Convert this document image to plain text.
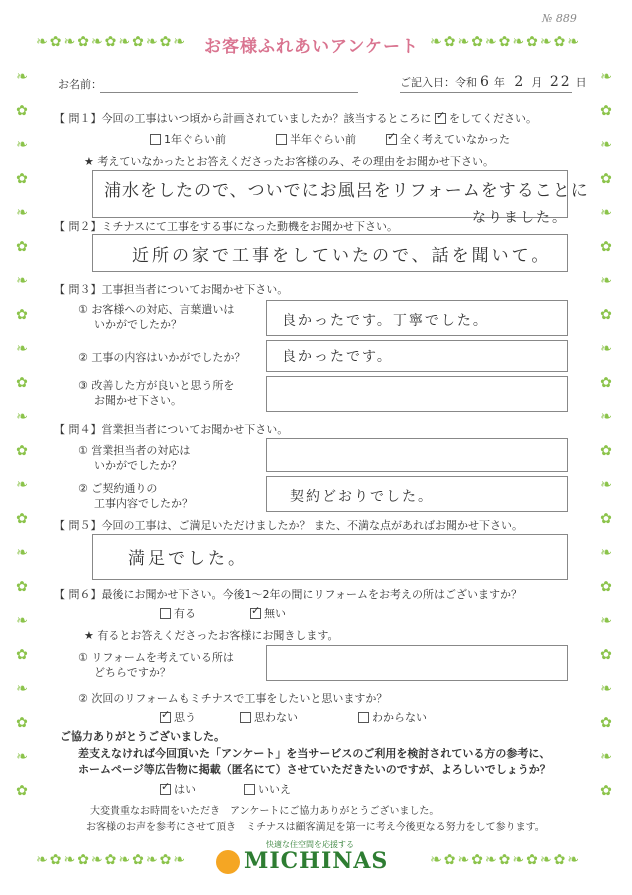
❧✿❧✿❧✿❧✿❧✿❧	❧✿❧✿❧✿❧✿❧✿❧
❧
✿
❧
✿
❧
✿
❧
✿
❧
✿
❧
✿
❧
✿
❧
✿
❧
✿
❧
✿
❧
✿
❧
✿
❧
✿
❧
✿
❧
✿
❧
✿
❧
✿
❧
✿
❧
✿
❧
✿
❧
✿
❧
✿
❧✿❧✿❧✿❧✿❧✿❧	❧✿❧✿❧✿❧✿❧✿❧
№ 889
お客様ふれあいアンケート
お名前：	ご記入日：令和 6 年 2 月 22 日
【 問１】今回の工事はいつ頃から計画されていましたか？該当するところに ✓ をしてください。
1年ぐらい前	半年ぐらい前 ✓	全く考えていなかった
★ 考えていなかったとお答えくださったお客様のみ、その理由をお聞かせ下さい。
浦水をしたので、ついでにお風呂をリフォームをすることに
なりました。
【 問２】ミチナスにて工事をする事になった動機をお聞かせ下さい。
近所の家で工事をしていたので、話を聞いて。
【 問３】工事担当者についてお聞かせ下さい。
① お客様への対応、言葉遣いは
いかがでしたか？	良かったです。丁寧でした。
② 工事の内容はいかがでしたか？	良かったです。
③ 改善した方が良いと思う所を
お聞かせ下さい。
【 問４】営業担当者についてお聞かせ下さい。
① 営業担当者の対応は
いかがでしたか？
② ご契約通りの
工事内容でしたか？	契約どおりでした。
【 問５】今回の工事は、ご満足いただけましたか？ また、不満な点があればお聞かせ下さい。
満足でした。
【 問６】最後にお聞かせ下さい。今後1～2年の間にリフォームをお考えの所はございますか？
有る ✓	無い
★ 有るとお答えくださったお客様にお聞きします。
① リフォームを考えている所は
どちらですか？
② 次回のリフォームもミチナスで工事をしたいと思いますか？
✓思う	思わない	わからない
ご協力ありがとうございました。
差支えなければ今回頂いた「アンケート」を当サービスのご利用を検討されている方の参考に、
ホームページ等広告物に掲載（匿名にて）させていただきたいのですが、よろしいでしょうか？
✓はい	いいえ
大変貴重なお時間をいただき　アンケートにご協力ありがとうございました。
お客様のお声を参考にさせて頂き　ミチナスは顧客満足を第一に考え今後更なる努力をして参ります。
快適な住空間を応援する
MICHINAS
